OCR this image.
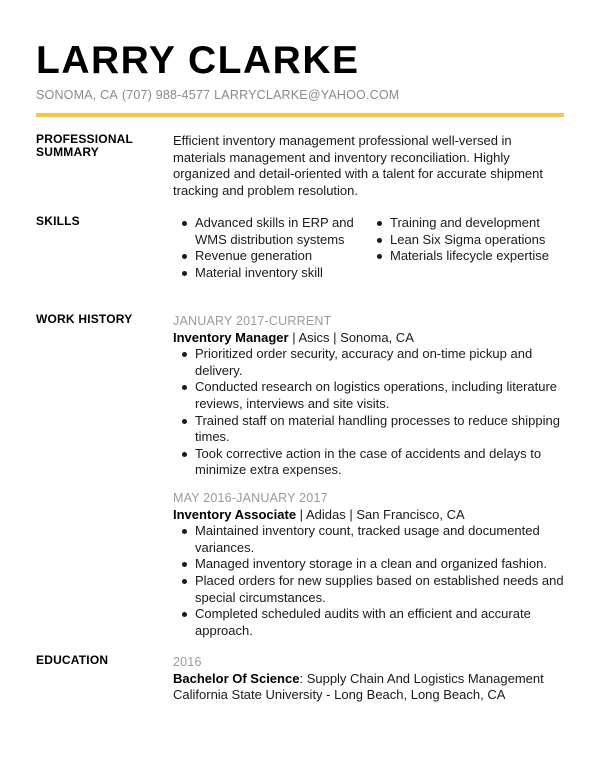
LARRY CLARKE
SONOMA, CA (707) 988-4577 LARRYCLARKE@YAHOO.COM
PROFESSIONAL SUMMARY

Efficient inventory management professional well-versed in materials management and inventory reconciliation. Highly organized and detail-oriented with a talent for accurate shipment tracking and problem resolution.

SKILLS	Advanced skills in ERP and WMS distribution systems
Revenue generation
Material inventory skill
Training and development
Lean Six Sigma operations
Materials lifecycle expertise
WORK HISTORY	JANUARY 2017-CURRENT
Inventory Manager | Asics | Sonoma, CA
Prioritized order security, accuracy and on-time pickup and delivery.
Conducted research on logistics operations, including literature reviews, interviews and site visits.
Trained staff on material handling processes to reduce shipping times.
Took corrective action in the case of accidents and delays to minimize extra expenses.
MAY 2016-JANUARY 2017
Inventory Associate | Adidas | San Francisco, CA
Maintained inventory count, tracked usage and documented variances.
Managed inventory storage in a clean and organized fashion.
Placed orders for new supplies based on established needs and special circumstances.
Completed scheduled audits with an efficient and accurate approach.
EDUCATION	2016
Bachelor Of Science: Supply Chain And Logistics Management
California State University - Long Beach, Long Beach, CA
